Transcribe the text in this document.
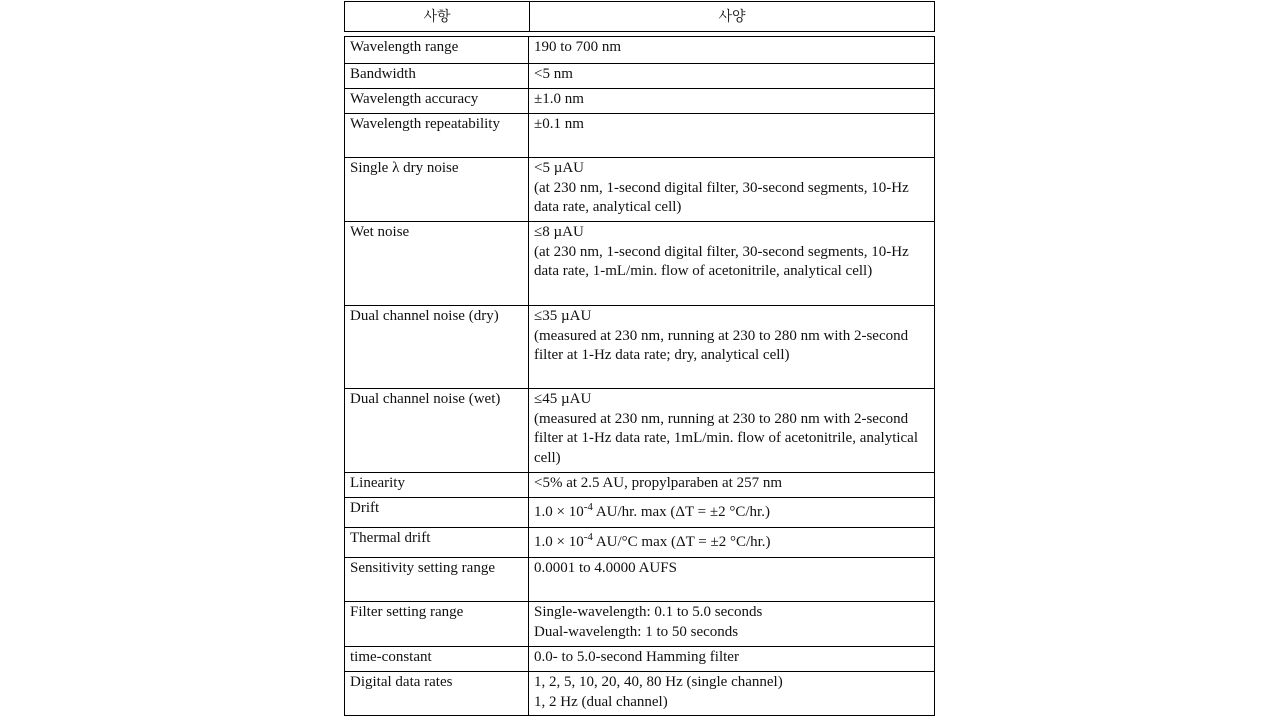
사항	사양
Wavelength range	190 to 700 nm
Bandwidth	<5 nm
Wavelength accuracy	±1.0 nm
Wavelength repeatability	±0.1 nm
Single λ dry noise	<5 µAU
(at 230 nm, 1-second digital filter, 30-second segments, 10-Hz data rate, analytical cell)
Wet noise	≤8 µAU
(at 230 nm, 1-second digital filter, 30-second segments, 10-Hz data rate, 1-mL/min. flow of acetonitrile, analytical cell)
Dual channel noise (dry)	≤35 µAU
(measured at 230 nm, running at 230 to 280 nm with 2-second filter at 1-Hz data rate; dry, analytical cell)
Dual channel noise (wet)	≤45 µAU
(measured at 230 nm, running at 230 to 280 nm with 2-second filter at 1-Hz data rate, 1mL/min. flow of acetonitrile, analytical cell)
Linearity	<5% at 2.5 AU, propylparaben at 257 nm
Drift	$1.0 \times 10^{-4}$ AU/hr. max (ΔT = ±2 °C/hr.)
Thermal drift	$1.0 \times 10^{-4}$ AU/°C max (ΔT = ±2 °C/hr.)
Sensitivity setting range	0.0001 to 4.0000 AUFS
Filter setting range	Single-wavelength: 0.1 to 5.0 seconds
Dual-wavelength: 1 to 50 seconds
time-constant	0.0- to 5.0-second Hamming filter
Digital data rates	1, 2, 5, 10, 20, 40, 80 Hz (single channel)
1, 2 Hz (dual channel)
